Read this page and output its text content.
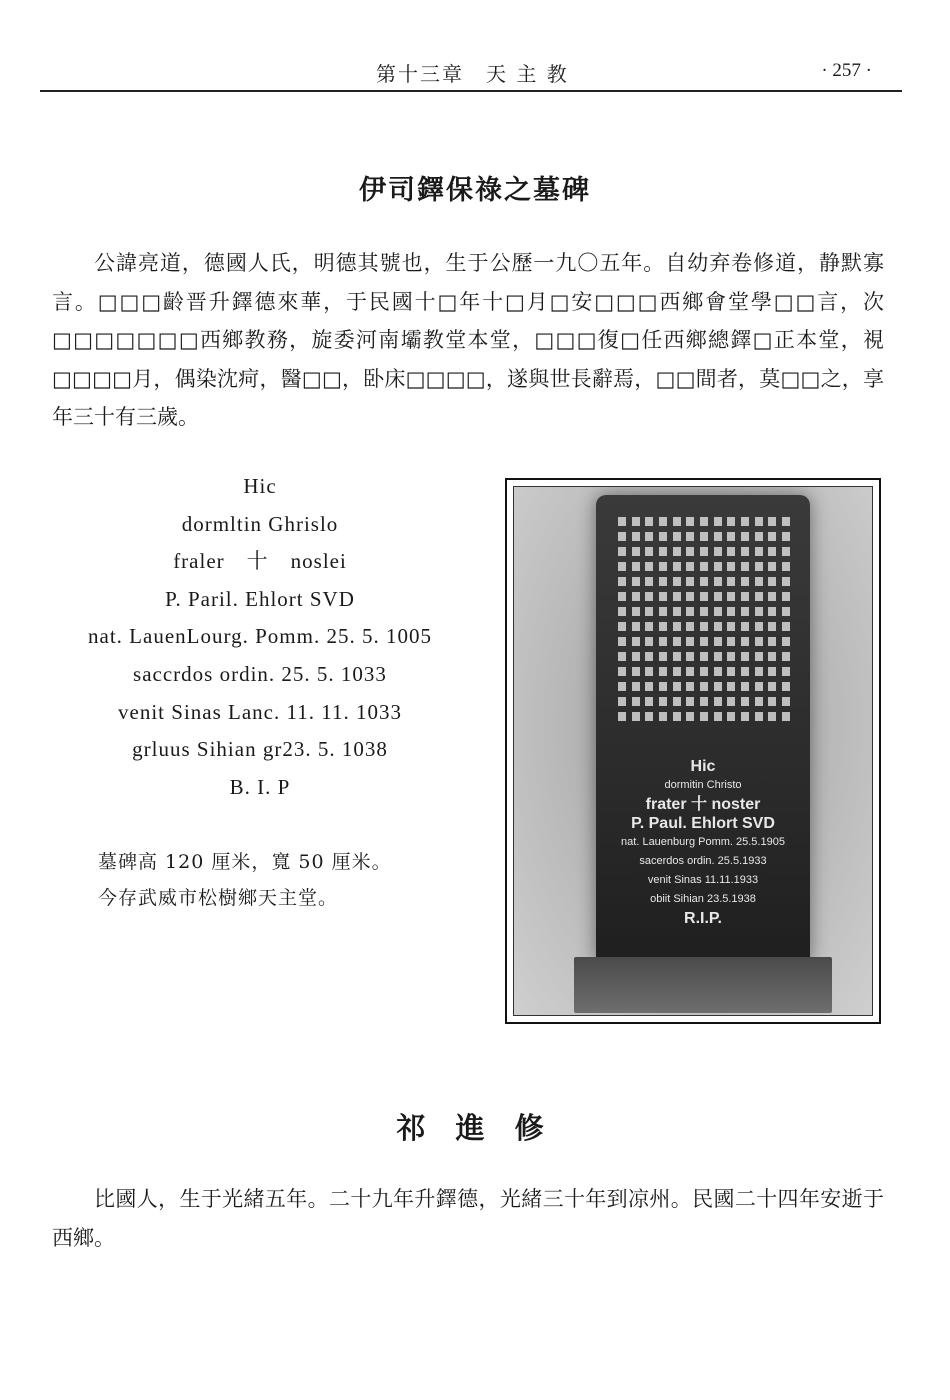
第十三章　天 主 教	· 257 ·
伊司鐸保祿之墓碑
公諱亮道，德國人氏，明德其號也，生于公歷一九〇五年。自幼弃卷修道，静默寡言。□□□齡晋升鐸德來華，于民國十□年十□月□安□□□西鄉會堂學□□言，次□□□□□□□西鄉教務，旋委河南壩教堂本堂，□□□復□任西鄉總鐸□正本堂，視□□□□月，偶染沈疴，醫□□，卧床□□□□，遂與世長辭焉，□□間者，莫□□之，享年三十有三歲。
Hic
dormltin Ghrislo
fraler　十　noslei
P. Paril. Ehlort SVD
nat. LauenLourg. Pomm. 25. 5. 1005
saccrdos ordin. 25. 5. 1033
venit Sinas Lanc. 11. 11. 1033
grluus Sihian gr23. 5. 1038
B. I. P
墓碑高 120 厘米，寬 50 厘米。
今存武威市松樹鄉天主堂。
Hic
dormitin Christo
frater 十 noster
P. Paul. Ehlort SVD
nat. Lauenburg Pomm. 25.5.1905
sacerdos ordin. 25.5.1933
venit Sinas 11.11.1933
obiit Sihian 23.5.1938
R.I.P.
祁 進 修
比國人，生于光緒五年。二十九年升鐸德，光緒三十年到凉州。民國二十四年安逝于西鄉。
